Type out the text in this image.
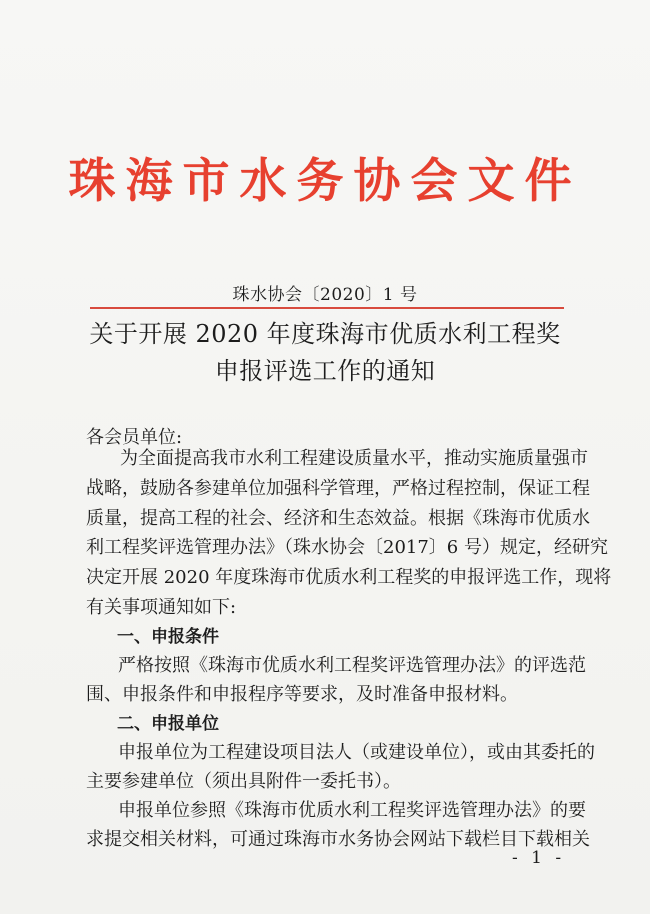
珠海市水务协会文件
珠水协会〔2020〕1 号
关于开展 2020 年度珠海市优质水利工程奖
申报评选工作的通知
各会员单位:
为全面提高我市水利工程建设质量水平，推动实施质量强市
战略，鼓励各参建单位加强科学管理，严格过程控制，保证工程
质量，提高工程的社会、经济和生态效益。根据《珠海市优质水
利工程奖评选管理办法》（珠水协会〔2017〕6 号）规定，经研究
决定开展 2020 年度珠海市优质水利工程奖的申报评选工作，现将
有关事项通知如下:
一、申报条件
严格按照《珠海市优质水利工程奖评选管理办法》的评选范
围、申报条件和申报程序等要求，及时准备申报材料。
二、申报单位
申报单位为工程建设项目法人（或建设单位），或由其委托的
主要参建单位（须出具附件一委托书）。
申报单位参照《珠海市优质水利工程奖评选管理办法》的要
求提交相关材料，可通过珠海市水务协会网站下载栏目下载相关
- 1 -
